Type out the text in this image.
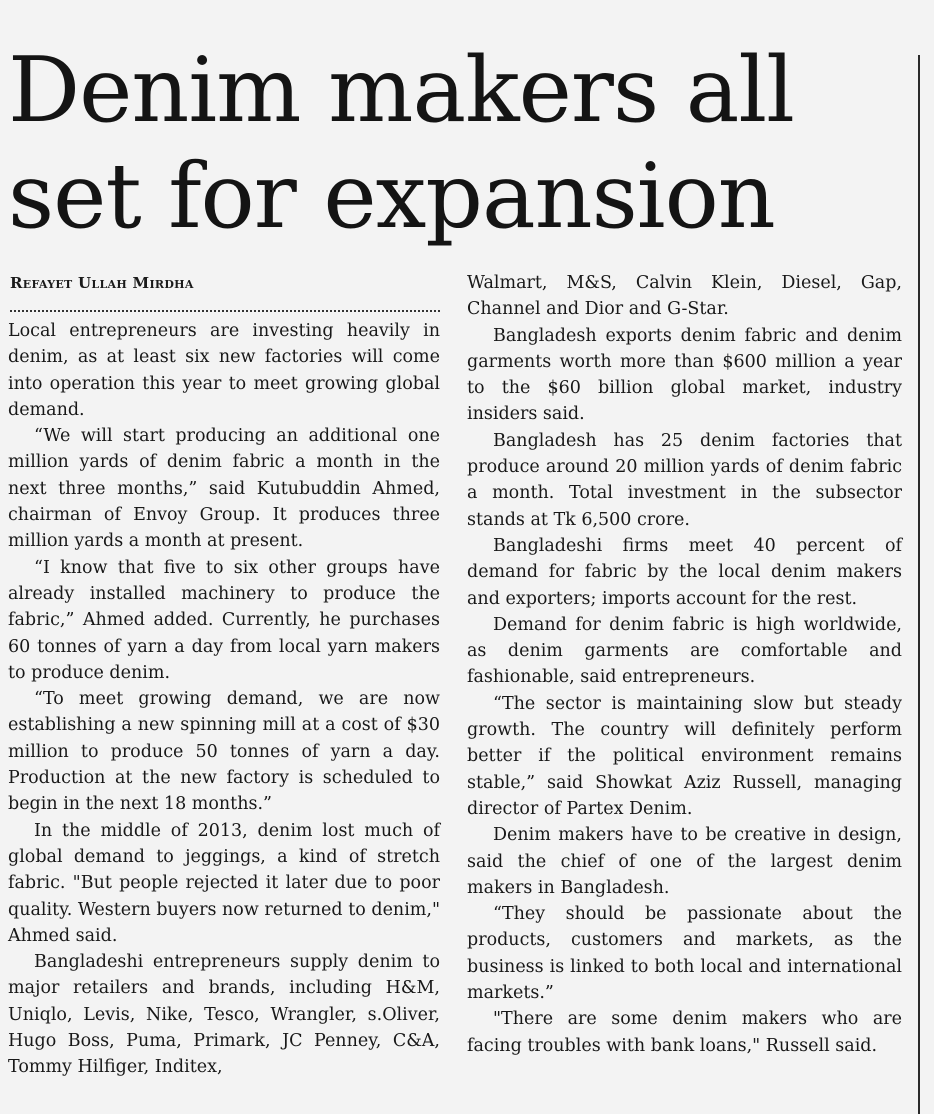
Denim makers all
set for expansion
Refayet Ullah Mirdha

Local entrepreneurs are investing heavily in denim, as at least six new factories will come into operation this year to meet growing global demand.

“We will start producing an additional one million yards of denim fabric a month in the next three months,” said Kutubuddin Ahmed, chairman of Envoy Group. It produces three million yards a month at present.

“I know that five to six other groups have already installed machinery to produce the fabric,” Ahmed added. Currently, he purchases 60 tonnes of yarn a day from local yarn makers to produce denim.

“To meet growing demand, we are now establishing a new spinning mill at a cost of $30 million to produce 50 tonnes of yarn a day. Production at the new factory is scheduled to begin in the next 18 months.”

In the middle of 2013, denim lost much of global demand to jeggings, a kind of stretch fabric. "But people rejected it later due to poor quality. Western buyers now returned to denim," Ahmed said.

Bangladeshi entrepreneurs supply denim to major retailers and brands, including H&M, Uniqlo, Levis, Nike, Tesco, Wrangler, s.Oliver, Hugo Boss, Puma, Primark, JC Penney, C&A, Tommy Hilfiger, Inditex,

Walmart, M&S, Calvin Klein, Diesel, Gap, Channel and Dior and G-Star.

Bangladesh exports denim fabric and denim garments worth more than $600 million a year to the $60 billion global market, industry insiders said.

Bangladesh has 25 denim factories that produce around 20 million yards of denim fabric a month. Total investment in the subsector stands at Tk 6,500 crore.

Bangladeshi firms meet 40 percent of demand for fabric by the local denim makers and exporters; imports account for the rest.

Demand for denim fabric is high worldwide, as denim garments are comfortable and fashionable, said entrepreneurs.

“The sector is maintaining slow but steady growth. The country will definitely perform better if the political environment remains stable,” said Showkat Aziz Russell, managing director of Partex Denim.

Denim makers have to be creative in design, said the chief of one of the largest denim makers in Bangladesh.

“They should be passionate about the products, customers and markets, as the business is linked to both local and international markets.”

"There are some denim makers who are facing troubles with bank loans," Russell said.
